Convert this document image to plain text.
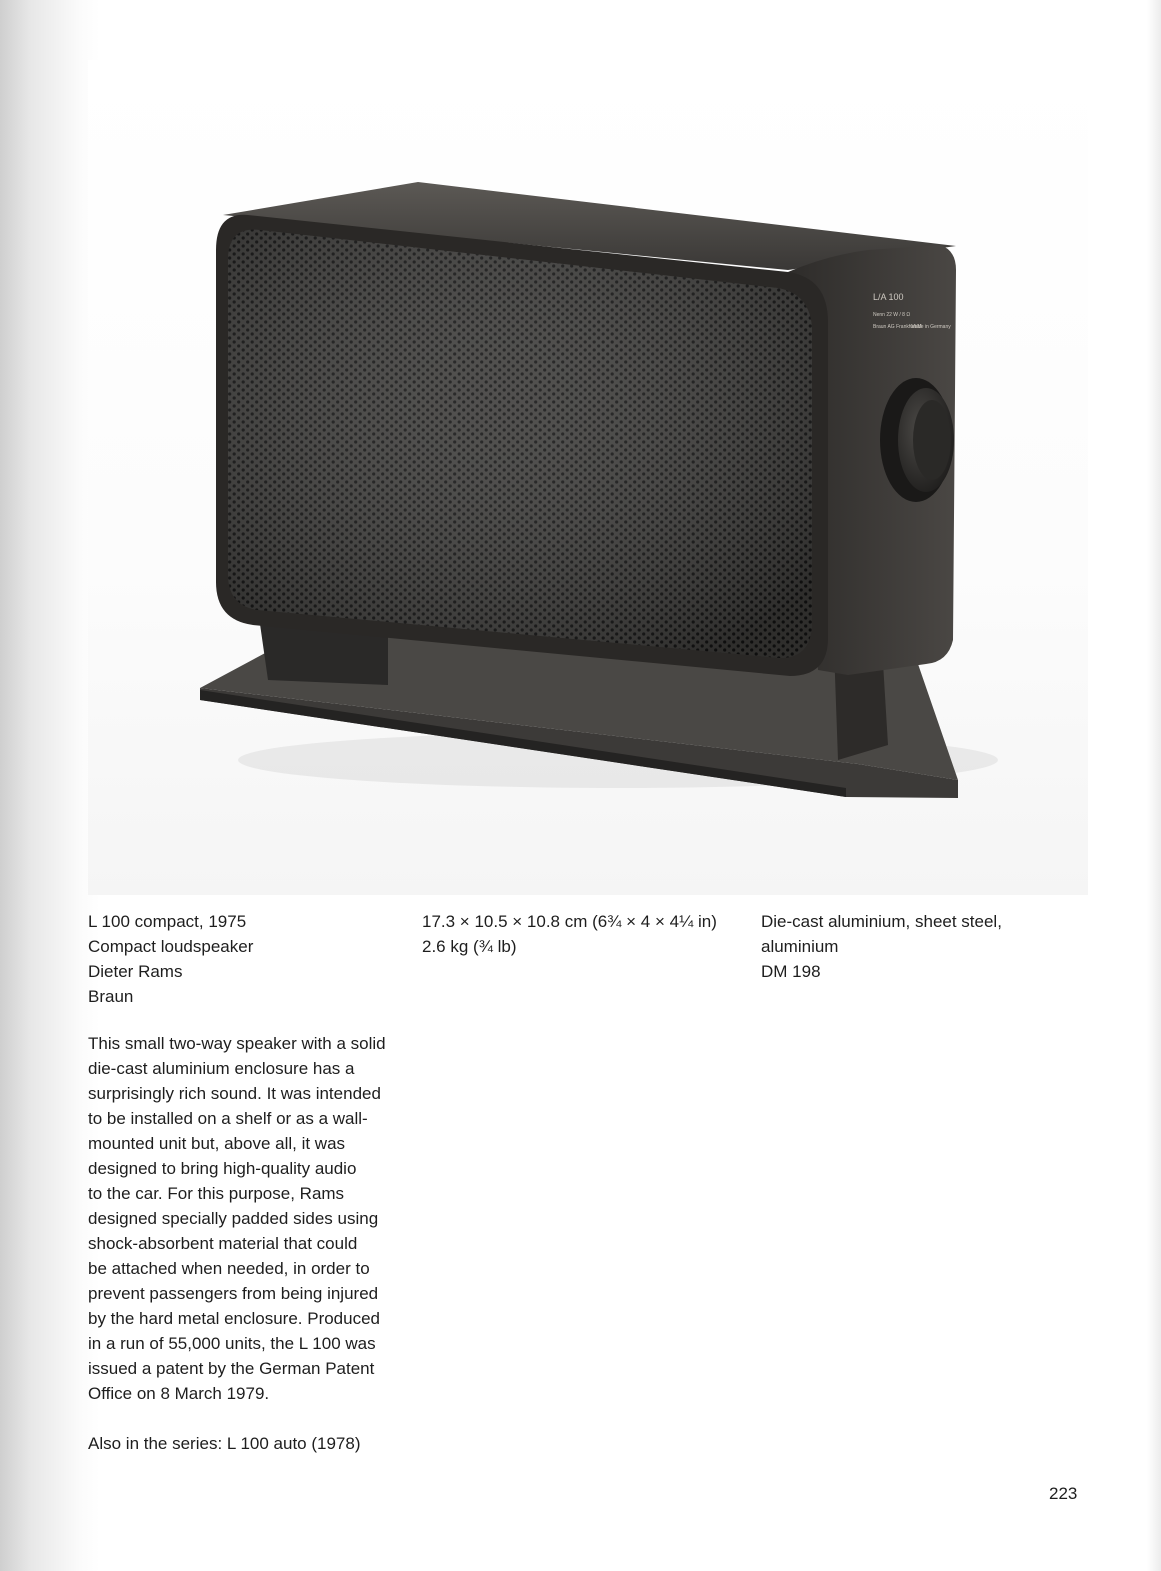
L/A 100
Nenn 22 W / 8 Ω
Braun AG Frankfurt/M
Made in Germany
L 100 compact, 1975
Compact loudspeaker
Dieter Rams
Braun
17.3 × 10.5 × 10.8 cm (6¾ × 4 × 4¼ in)
2.6 kg (¾ lb)
Die-cast aluminium, sheet steel,
aluminium
DM 198
This small two-way speaker with a solid
die-cast aluminium enclosure has a
surprisingly rich sound. It was intended
to be installed on a shelf or as a wall-
mounted unit but, above all, it was
designed to bring high-quality audio
to the car. For this purpose, Rams
designed specially padded sides using
shock-absorbent material that could
be attached when needed, in order to
prevent passengers from being injured
by the hard metal enclosure. Produced
in a run of 55,000 units, the L 100 was
issued a patent by the German Patent
Office on 8 March 1979.
Also in the series: L 100 auto (1978)
223
